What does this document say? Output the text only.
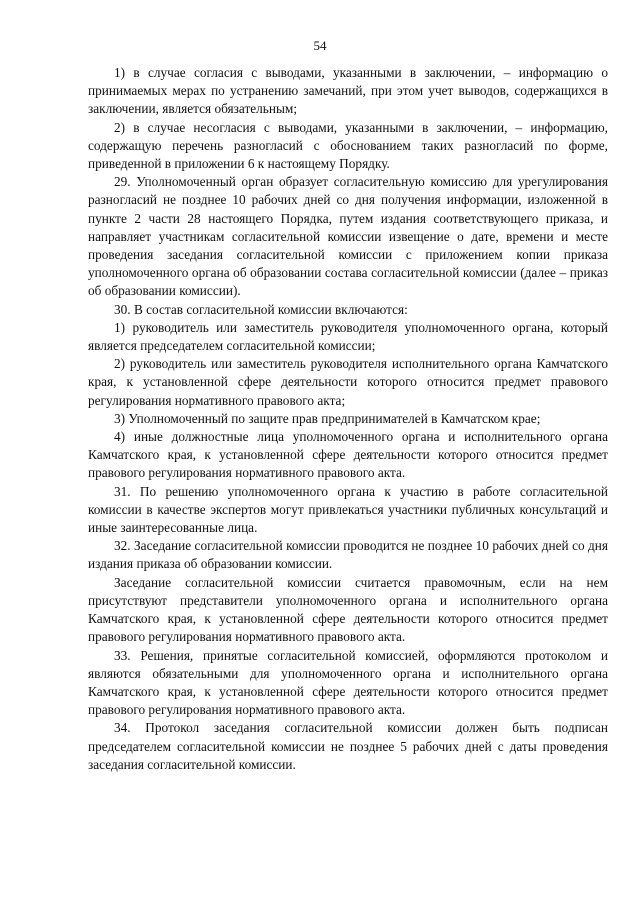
54

1) в случае согласия с выводами, указанными в заключении, – информацию о принимаемых мерах по устранению замечаний, при этом учет выводов, содержащихся в заключении, является обязательным;

2) в случае несогласия с выводами, указанными в заключении, – информацию, содержащую перечень разногласий с обоснованием таких разногласий по форме, приведенной в приложении 6 к настоящему Порядку.

29. Уполномоченный орган образует согласительную комиссию для урегулирования разногласий не позднее 10 рабочих дней со дня получения информации, изложенной в пункте 2 части 28 настоящего Порядка, путем издания соответствующего приказа, и направляет участникам согласительной комиссии извещение о дате, времени и месте проведения заседания согласительной комиссии с приложением копии приказа уполномоченного органа об образовании состава согласительной комиссии (далее – приказ об образовании комиссии).

30. В состав согласительной комиссии включаются:

1) руководитель или заместитель руководителя уполномоченного органа, который является председателем согласительной комиссии;

2) руководитель или заместитель руководителя исполнительного органа Камчатского края, к установленной сфере деятельности которого относится предмет правового регулирования нормативного правового акта;

3) Уполномоченный по защите прав предпринимателей в Камчатском крае;

4) иные должностные лица уполномоченного органа и исполнительного органа Камчатского края, к установленной сфере деятельности которого относится предмет правового регулирования нормативного правового акта.

31. По решению уполномоченного органа к участию в работе согласительной комиссии в качестве экспертов могут привлекаться участники публичных консультаций и иные заинтересованные лица.

32. Заседание согласительной комиссии проводится не позднее 10 рабочих дней со дня издания приказа об образовании комиссии.

Заседание согласительной комиссии считается правомочным, если на нем присутствуют представители уполномоченного органа и исполнительного органа Камчатского края, к установленной сфере деятельности которого относится предмет правового регулирования нормативного правового акта.

33. Решения, принятые согласительной комиссией, оформляются протоколом и являются обязательными для уполномоченного органа и исполнительного органа Камчатского края, к установленной сфере деятельности которого относится предмет правового регулирования нормативного правового акта.

34. Протокол заседания согласительной комиссии должен быть подписан председателем согласительной комиссии не позднее 5 рабочих дней с даты проведения заседания согласительной комиссии.
